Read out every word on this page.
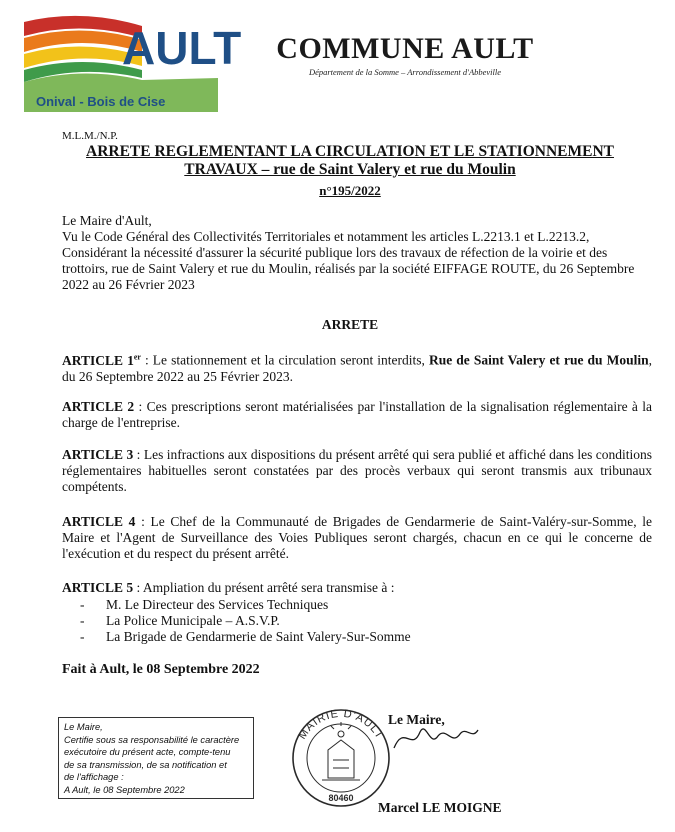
AULT
Onival - Bois de Cise
COMMUNE AULT
Département de la Somme – Arrondissement d'Abbeville
M.L.M./N.P.
ARRETE REGLEMENTANT LA CIRCULATION ET LE STATIONNEMENT
TRAVAUX – rue de Saint Valery et rue du Moulin
n°195/2022

Le Maire d'Ault,

Vu le Code Général des Collectivités Territoriales et notamment les articles L.2213.1 et L.2213.2,

Considérant la nécessité d'assurer la sécurité publique lors des travaux de réfection de la voirie et des trottoirs, rue de Saint Valery et rue du Moulin, réalisés par la société EIFFAGE ROUTE, du 26 Septembre 2022 au 26 Février 2023

ARRETE
ARTICLE 1er : Le stationnement et la circulation seront interdits, Rue de Saint Valery et rue du Moulin, du 26 Septembre 2022 au 25 Février 2023.
ARTICLE 2 : Ces prescriptions seront matérialisées par l'installation de la signalisation réglementaire à la charge de l'entreprise.
ARTICLE 3 : Les infractions aux dispositions du présent arrêté qui sera publié et affiché dans les conditions réglementaires habituelles seront constatées par des procès verbaux qui seront transmis aux tribunaux compétents.
ARTICLE 4 : Le Chef de la Communauté de Brigades de Gendarmerie de Saint-Valéry-sur-Somme, le Maire et l'Agent de Surveillance des Voies Publiques seront chargés, chacun en ce qui le concerne de l'exécution et du respect du présent arrêté.
ARTICLE 5 : Ampliation du présent arrêté sera transmise à :
- M. Le Directeur des Services Techniques
- La Police Municipale – A.S.V.P.
- La Brigade de Gendarmerie de Saint Valery-Sur-Somme
Fait à Ault, le 08 Septembre 2022
Le Maire,
Certifie sous sa responsabilité le caractère
exécutoire du présent acte, compte-tenu
de sa transmission, de sa notification et
de l'affichage :
A Ault, le 08 Septembre 2022
MAIRIE D'AULT
80460
Le Maire,
Marcel LE MOIGNE
